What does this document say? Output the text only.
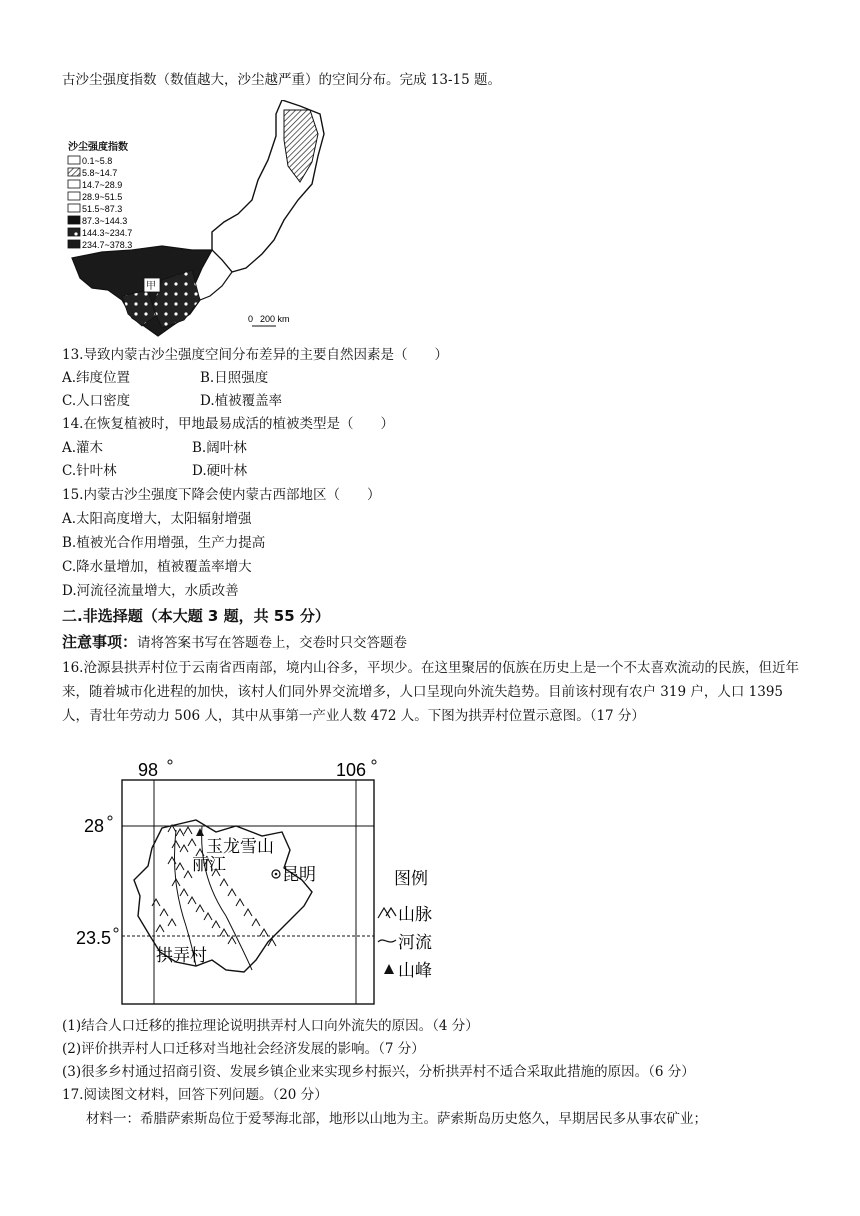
古沙尘强度指数（数值越大，沙尘越严重）的空间分布。完成 13-15 题。
甲
沙尘强度指数
0.1~5.8
5.8~14.7
14.7~28.9
28.9~51.5
51.5~87.3
87.3~144.3
144.3~234.7
234.7~378.3
0 200 km
13.导致内蒙古沙尘强度空间分布差异的主要自然因素是（　　）
A.纬度位置	B.日照强度
C.人口密度	D.植被覆盖率
14.在恢复植被时，甲地最易成活的植被类型是（　　）
A.灌木	B.阔叶林
C.针叶林	D.硬叶林
15.内蒙古沙尘强度下降会使内蒙古西部地区（　　）
A.太阳高度增大，太阳辐射增强
B.植被光合作用增强，生产力提高
C.降水量增加，植被覆盖率增大
D.河流径流量增大，水质改善
二.非选择题（本大题 3 题，共 55 分）
注意事项：请将答案书写在答题卷上，交卷时只交答题卷
16.沧源县拱弄村位于云南省西南部，境内山谷多，平坝少。在这里聚居的佤族在历史上是一个不太喜欢流动的民族，但近年来，随着城市化进程的加快，该村人们同外界交流增多，人口呈现向外流失趋势。目前该村现有农户 319 户，人口 1395 人，青壮年劳动力 506 人，其中从事第一产业人数 472 人。下图为拱弄村位置示意图。（17 分）
98	106
28
23.5
玉龙雪山
丽江
昆明
拱弄村
图例
山脉
河流
山峰
(1)结合人口迁移的推拉理论说明拱弄村人口向外流失的原因。（4 分）
(2)评价拱弄村人口迁移对当地社会经济发展的影响。（7 分）
(3)很多乡村通过招商引资、发展乡镇企业来实现乡村振兴，分析拱弄村不适合采取此措施的原因。（6 分）
17.阅读图文材料，回答下列问题。（20 分）
材料一：希腊萨索斯岛位于爱琴海北部，地形以山地为主。萨索斯岛历史悠久，早期居民多从事农矿业；
